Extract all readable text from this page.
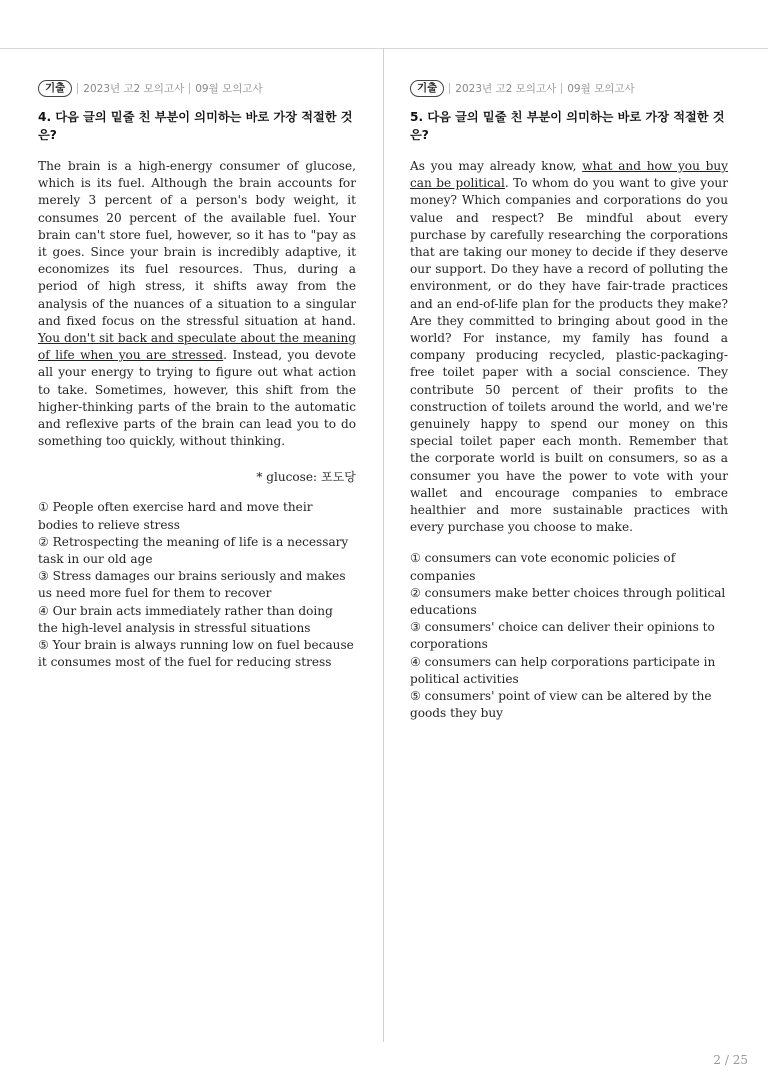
기출	2023년 고2 모의고사 09월 모의고사
4. 다음 글의 밑줄 친 부분이 의미하는 바로 가장 적절한 것은?
The brain is a high-energy consumer of glucose, which is its fuel. Although the brain accounts for merely 3 percent of a person's body weight, it consumes 20 percent of the available fuel. Your brain can't store fuel, however, so it has to "pay as it goes. Since your brain is incredibly adaptive, it economizes its fuel resources. Thus, during a period of high stress, it shifts away from the analysis of the nuances of a situation to a singular and fixed focus on the stressful situation at hand. You don't sit back and speculate about the meaning of life when you are stressed. Instead, you devote all your energy to trying to figure out what action to take. Sometimes, however, this shift from the higher-thinking parts of the brain to the automatic and reflexive parts of the brain can lead you to do something too quickly, without thinking.
* glucose: 포도당
① People often exercise hard and move their bodies to relieve stress
② Retrospecting the meaning of life is a necessary task in our old age
③ Stress damages our brains seriously and makes us need more fuel for them to recover
④ Our brain acts immediately rather than doing the high-level analysis in stressful situations
⑤ Your brain is always running low on fuel because it consumes most of the fuel for reducing stress
기출	2023년 고2 모의고사 09월 모의고사
5. 다음 글의 밑줄 친 부분이 의미하는 바로 가장 적절한 것은?
As you may already know, what and how you buy can be political. To whom do you want to give your money? Which companies and corporations do you value and respect? Be mindful about every purchase by carefully researching the corporations that are taking our money to decide if they deserve our support. Do they have a record of polluting the environment, or do they have fair-trade practices and an end-of-life plan for the products they make? Are they committed to bringing about good in the world? For instance, my family has found a company producing recycled, plastic-packaging-free toilet paper with a social conscience. They contribute 50 percent of their profits to the construction of toilets around the world, and we're genuinely happy to spend our money on this special toilet paper each month. Remember that the corporate world is built on consumers, so as a consumer you have the power to vote with your wallet and encourage companies to embrace healthier and more sustainable practices with every purchase you choose to make.
① consumers can vote economic policies of companies
② consumers make better choices through political educations
③ consumers' choice can deliver their opinions to corporations
④ consumers can help corporations participate in political activities
⑤ consumers' point of view can be altered by the goods they buy
2 / 25
